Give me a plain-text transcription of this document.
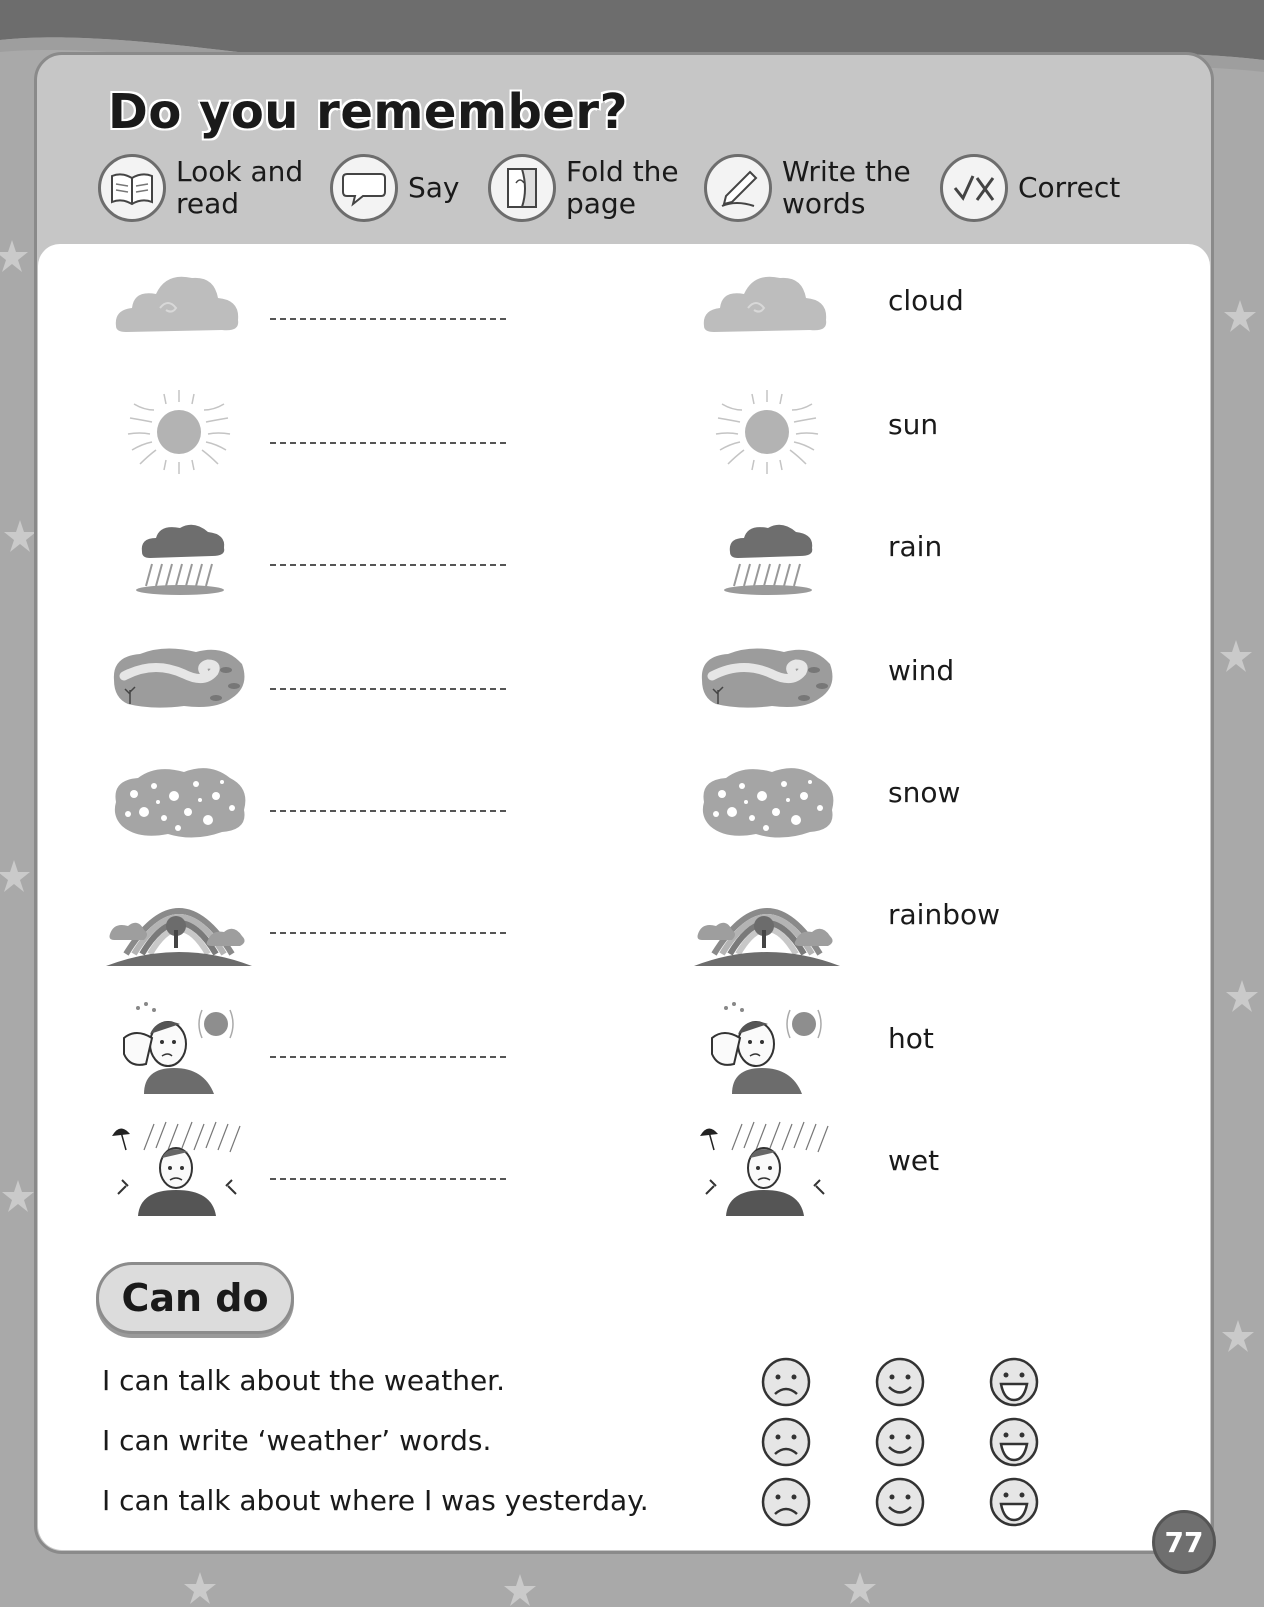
Do you remember?
Look and read	Say	Fold the page
Write the words	Correct
cloud
sun
rain
wind
snow
rainbow
hot
wet
Can do
I can talk about the weather.
I can write ‘weather’ words.
I can talk about where I was yesterday.
77
